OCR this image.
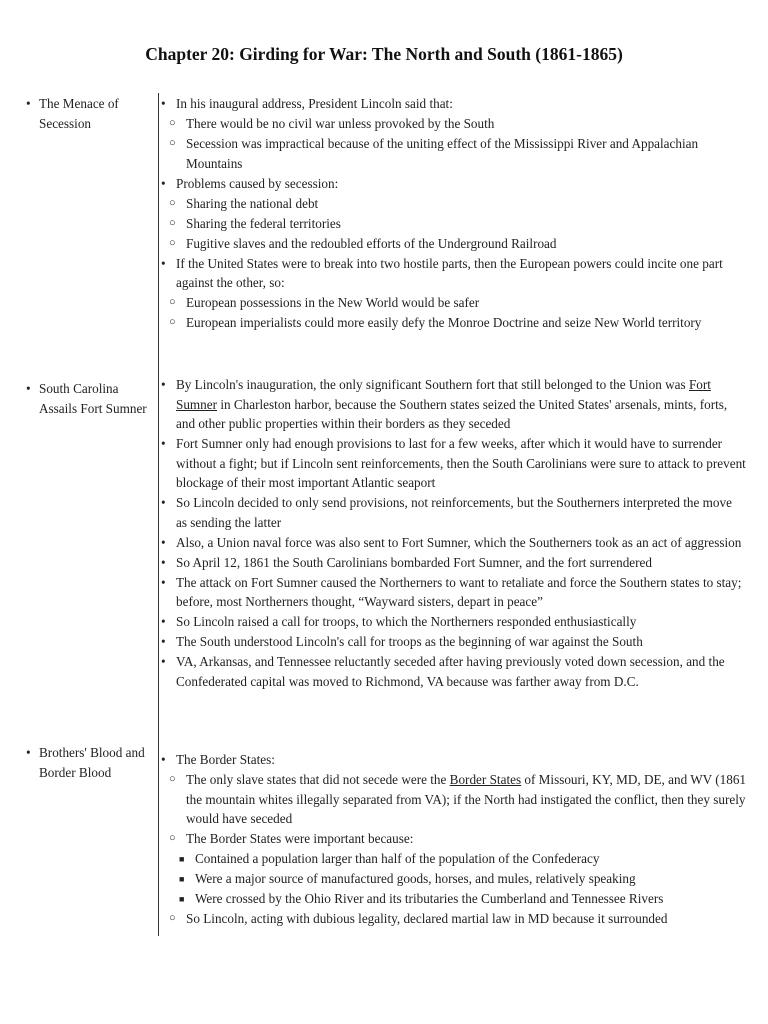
Chapter 20: Girding for War: The North and South (1861-1865)
• The Menace of Secession
• In his inaugural address, President Lincoln said that:
○ There would be no civil war unless provoked by the South
○ Secession was impractical because of the uniting effect of the Mississippi River and Appalachian Mountains
• Problems caused by secession:
○ Sharing the national debt
○ Sharing the federal territories
○ Fugitive slaves and the redoubled efforts of the Underground Railroad
• If the United States were to break into two hostile parts, then the European powers could incite one part against the other, so:
○ European possessions in the New World would be safer
○ European imperialists could more easily defy the Monroe Doctrine and seize New World territory
• South Carolina Assails Fort Sumner
• By Lincoln's inauguration, the only significant Southern fort that still belonged to the Union was Fort Sumner in Charleston harbor, because the Southern states seized the United States' arsenals, mints, forts, and other public properties within their borders as they seceded
• Fort Sumner only had enough provisions to last for a few weeks, after which it would have to surrender without a fight; but if Lincoln sent reinforcements, then the South Carolinians were sure to attack to prevent blockage of their most important Atlantic seaport
• So Lincoln decided to only send provisions, not reinforcements, but the Southerners interpreted the move as sending the latter
• Also, a Union naval force was also sent to Fort Sumner, which the Southerners took as an act of aggression
• So April 12, 1861 the South Carolinians bombarded Fort Sumner, and the fort surrendered
• The attack on Fort Sumner caused the Northerners to want to retaliate and force the Southern states to stay; before, most Northerners thought, “Wayward sisters, depart in peace”
• So Lincoln raised a call for troops, to which the Northerners responded enthusiastically
• The South understood Lincoln's call for troops as the beginning of war against the South
• VA, Arkansas, and Tennessee reluctantly seceded after having previously voted down secession, and the Confederated capital was moved to Richmond, VA because was farther away from D.C.
• Brothers' Blood and Border Blood
• The Border States:
○ The only slave states that did not secede were the Border States of Missouri, KY, MD, DE, and WV (1861 the mountain whites illegally separated from VA); if the North had instigated the conflict, then they surely would have seceded
○ The Border States were important because:
■ Contained a population larger than half of the population of the Confederacy
■ Were a major source of manufactured goods, horses, and mules, relatively speaking
■ Were crossed by the Ohio River and its tributaries the Cumberland and Tennessee Rivers
○ So Lincoln, acting with dubious legality, declared martial law in MD because it surrounded
